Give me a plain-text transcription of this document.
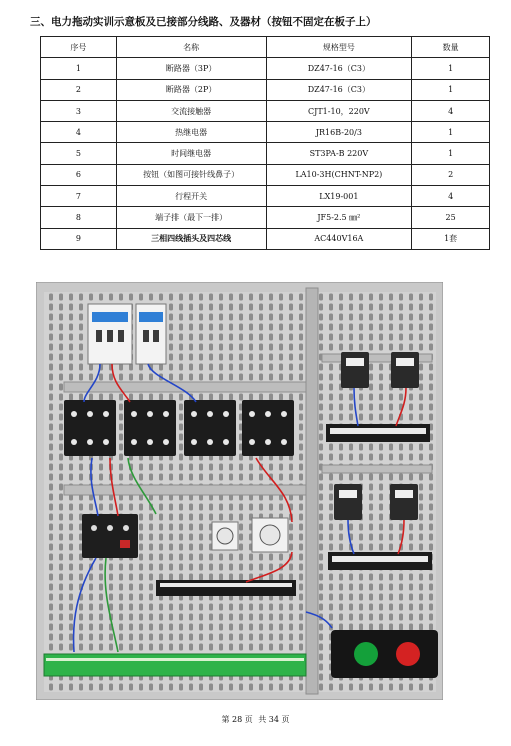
三、电力拖动实训示意板及已接部分线路、及器材（按钮不固定在板子上）
序号	名称	规格型号	数量
1	断路器（3P）	DZ47-16（C3）	1
2	断路器（2P）	DZ47-16（C3）	1
3	交流接触器	CJT1-10，220V	4
4	热继电器	JR16B-20/3	1
5	时间继电器	ST3PA-B 220V	1
6	按钮（如图可接针线鼻子）	LA10-3H(CHNT-NP2)	2
7	行程开关	LX19-001	4
8	端子排（最下一排）	JF5-2.5 ㎜²	25
9	三相四线插头及四芯线	AC440V16A	1套
第 28 页 共 34 页
